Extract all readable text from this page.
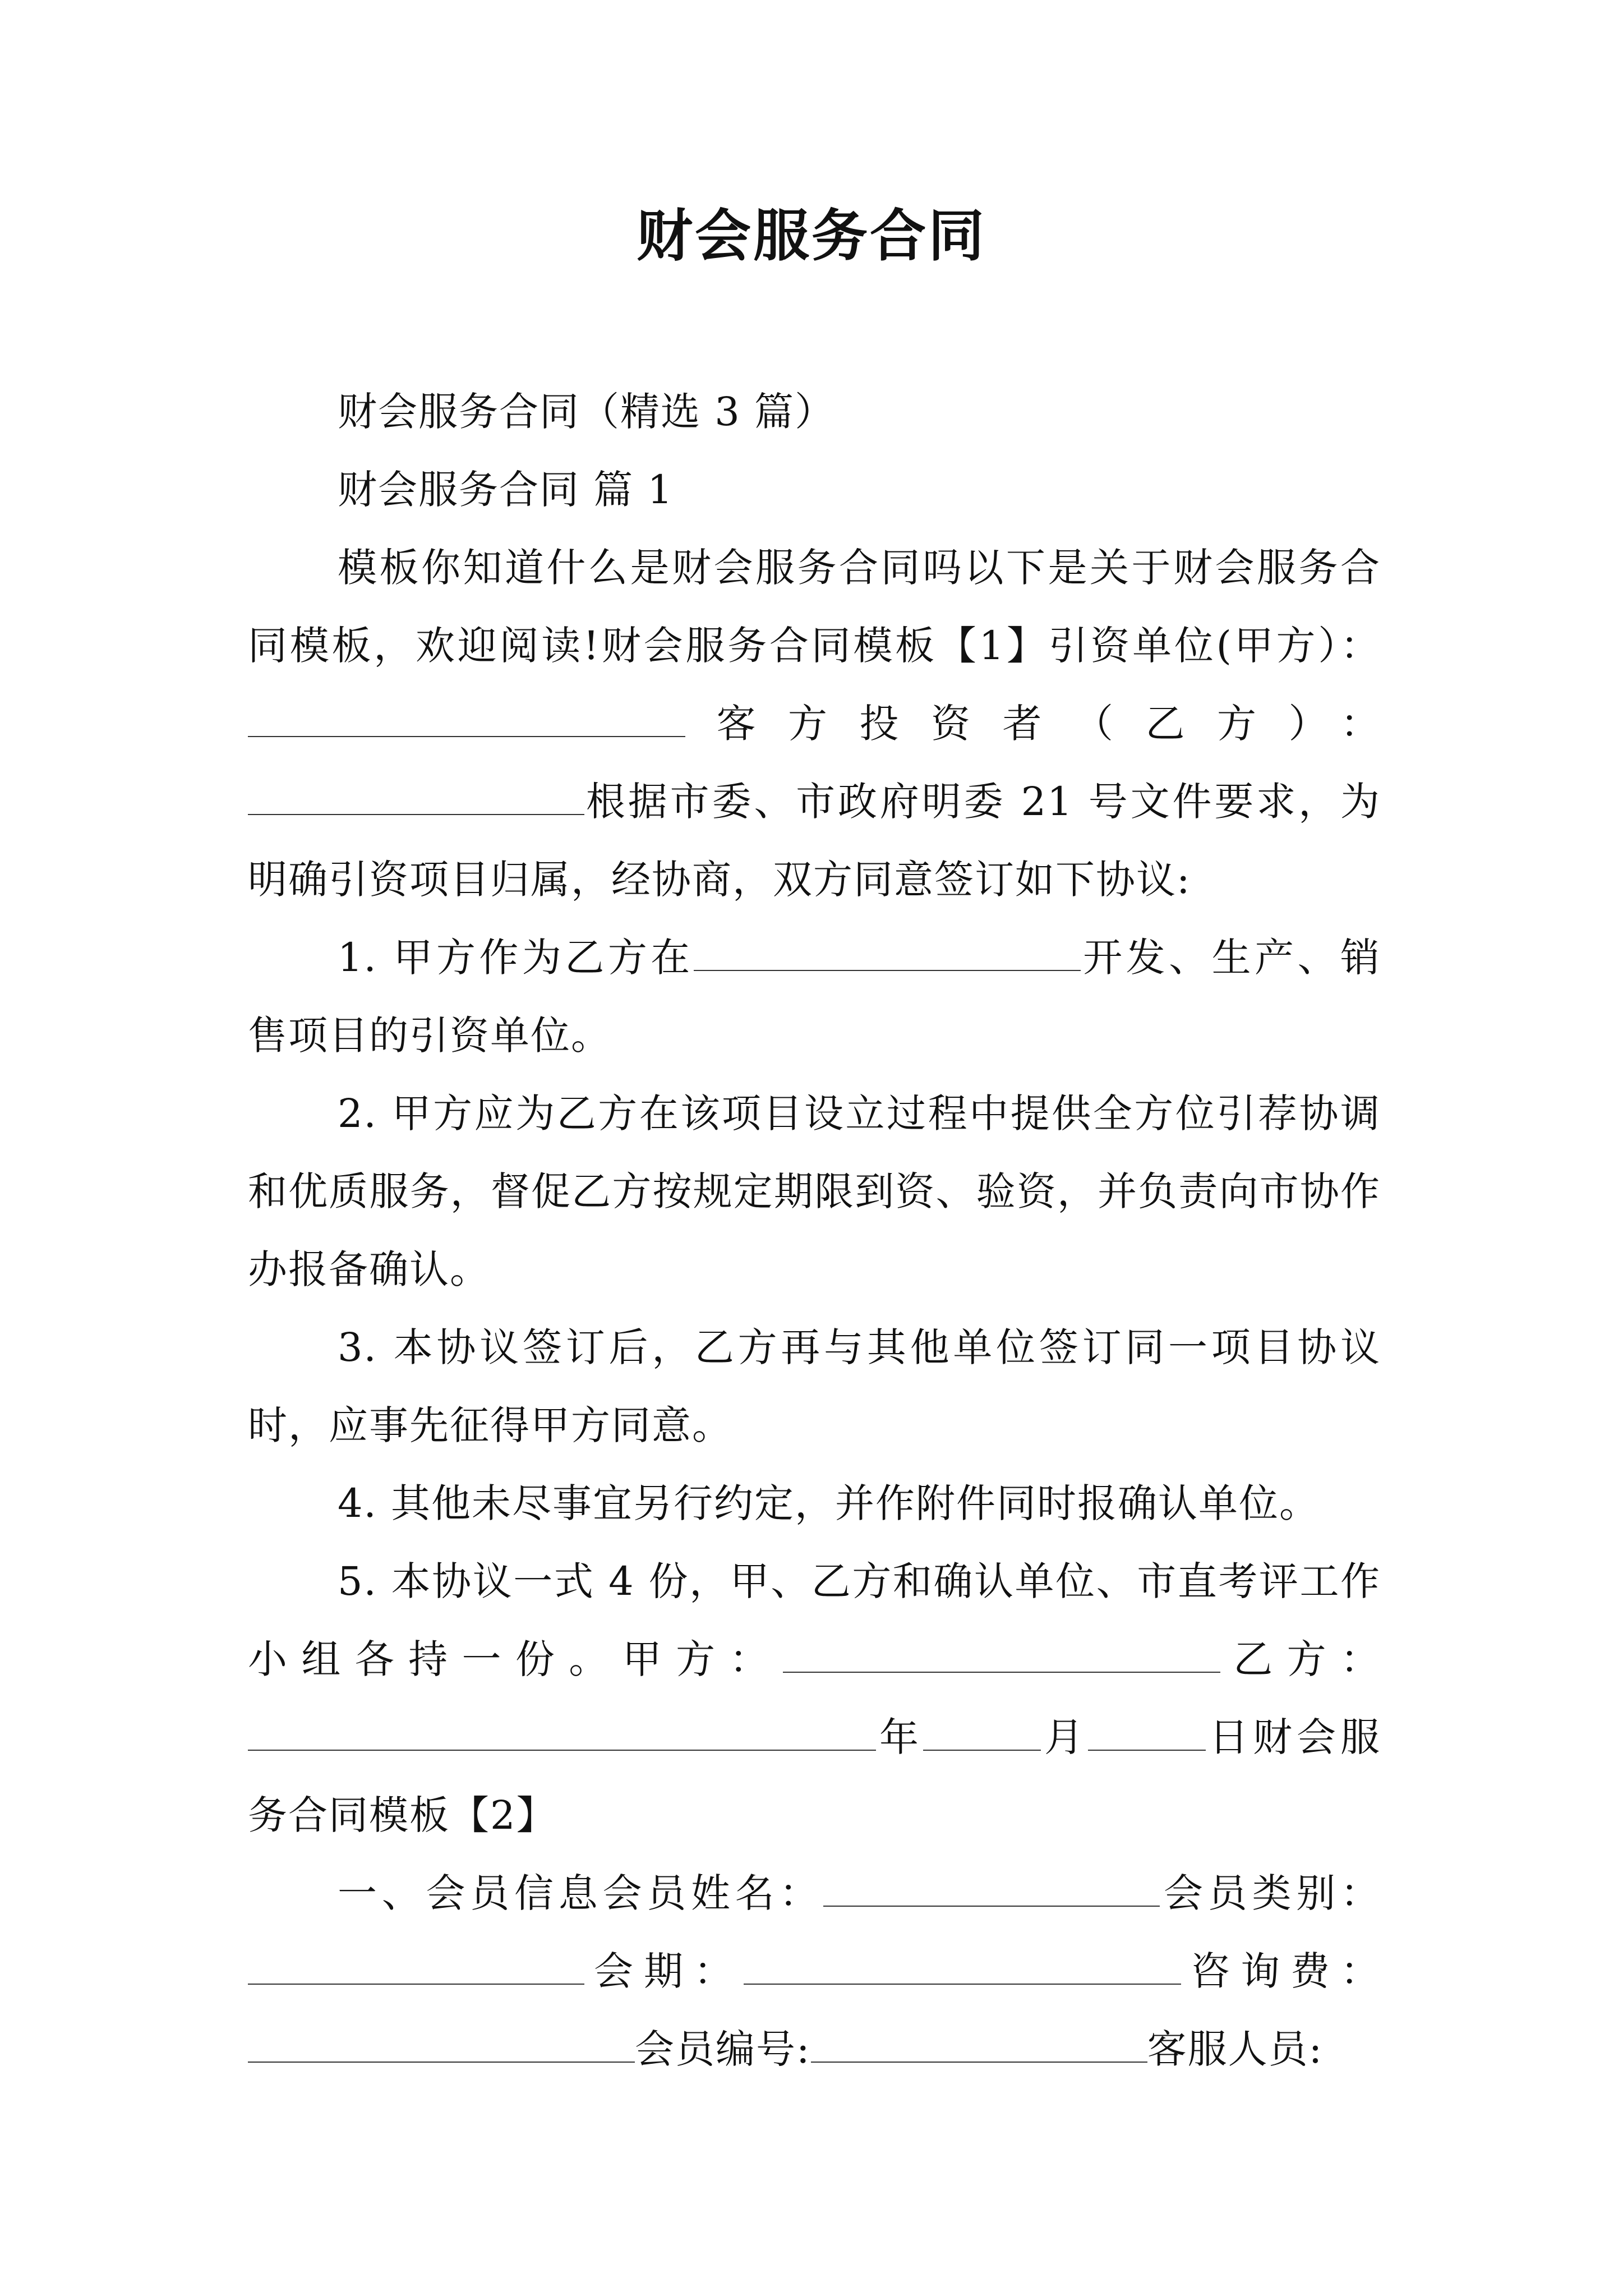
财会服务合同

财会服务合同（精选 3 篇）

财会服务合同 篇 1

模板你知道什么是财会服务合同吗以下是关于财会服务合同模板，欢迎阅读!财会服务合同模板【1】引资单位(甲方）：客方投资者（乙方）：根据市委、市政府明委 21 号文件要求，为明确引资项目归属，经协商，双方同意签订如下协议:

1. 甲方作为乙方在	开发、生产、销售项目的引资单位。

2. 甲方应为乙方在该项目设立过程中提供全方位引荐协调和优质服务，督促乙方按规定期限到资、验资，并负责向市协作办报备确认。

3. 本协议签订后，乙方再与其他单位签订同一项目协议时，应事先征得甲方同意。

4. 其他未尽事宜另行约定，并作附件同时报确认单位。

5. 本协议一式 4 份，甲、乙方和确认单位、市直考评工作小组各持一份。甲方：	乙方：年	月	日财会服务合同模板【2】

一、会员信息会员姓名：	会员类别：会期：	咨询费：会员编号:	客服人员:
